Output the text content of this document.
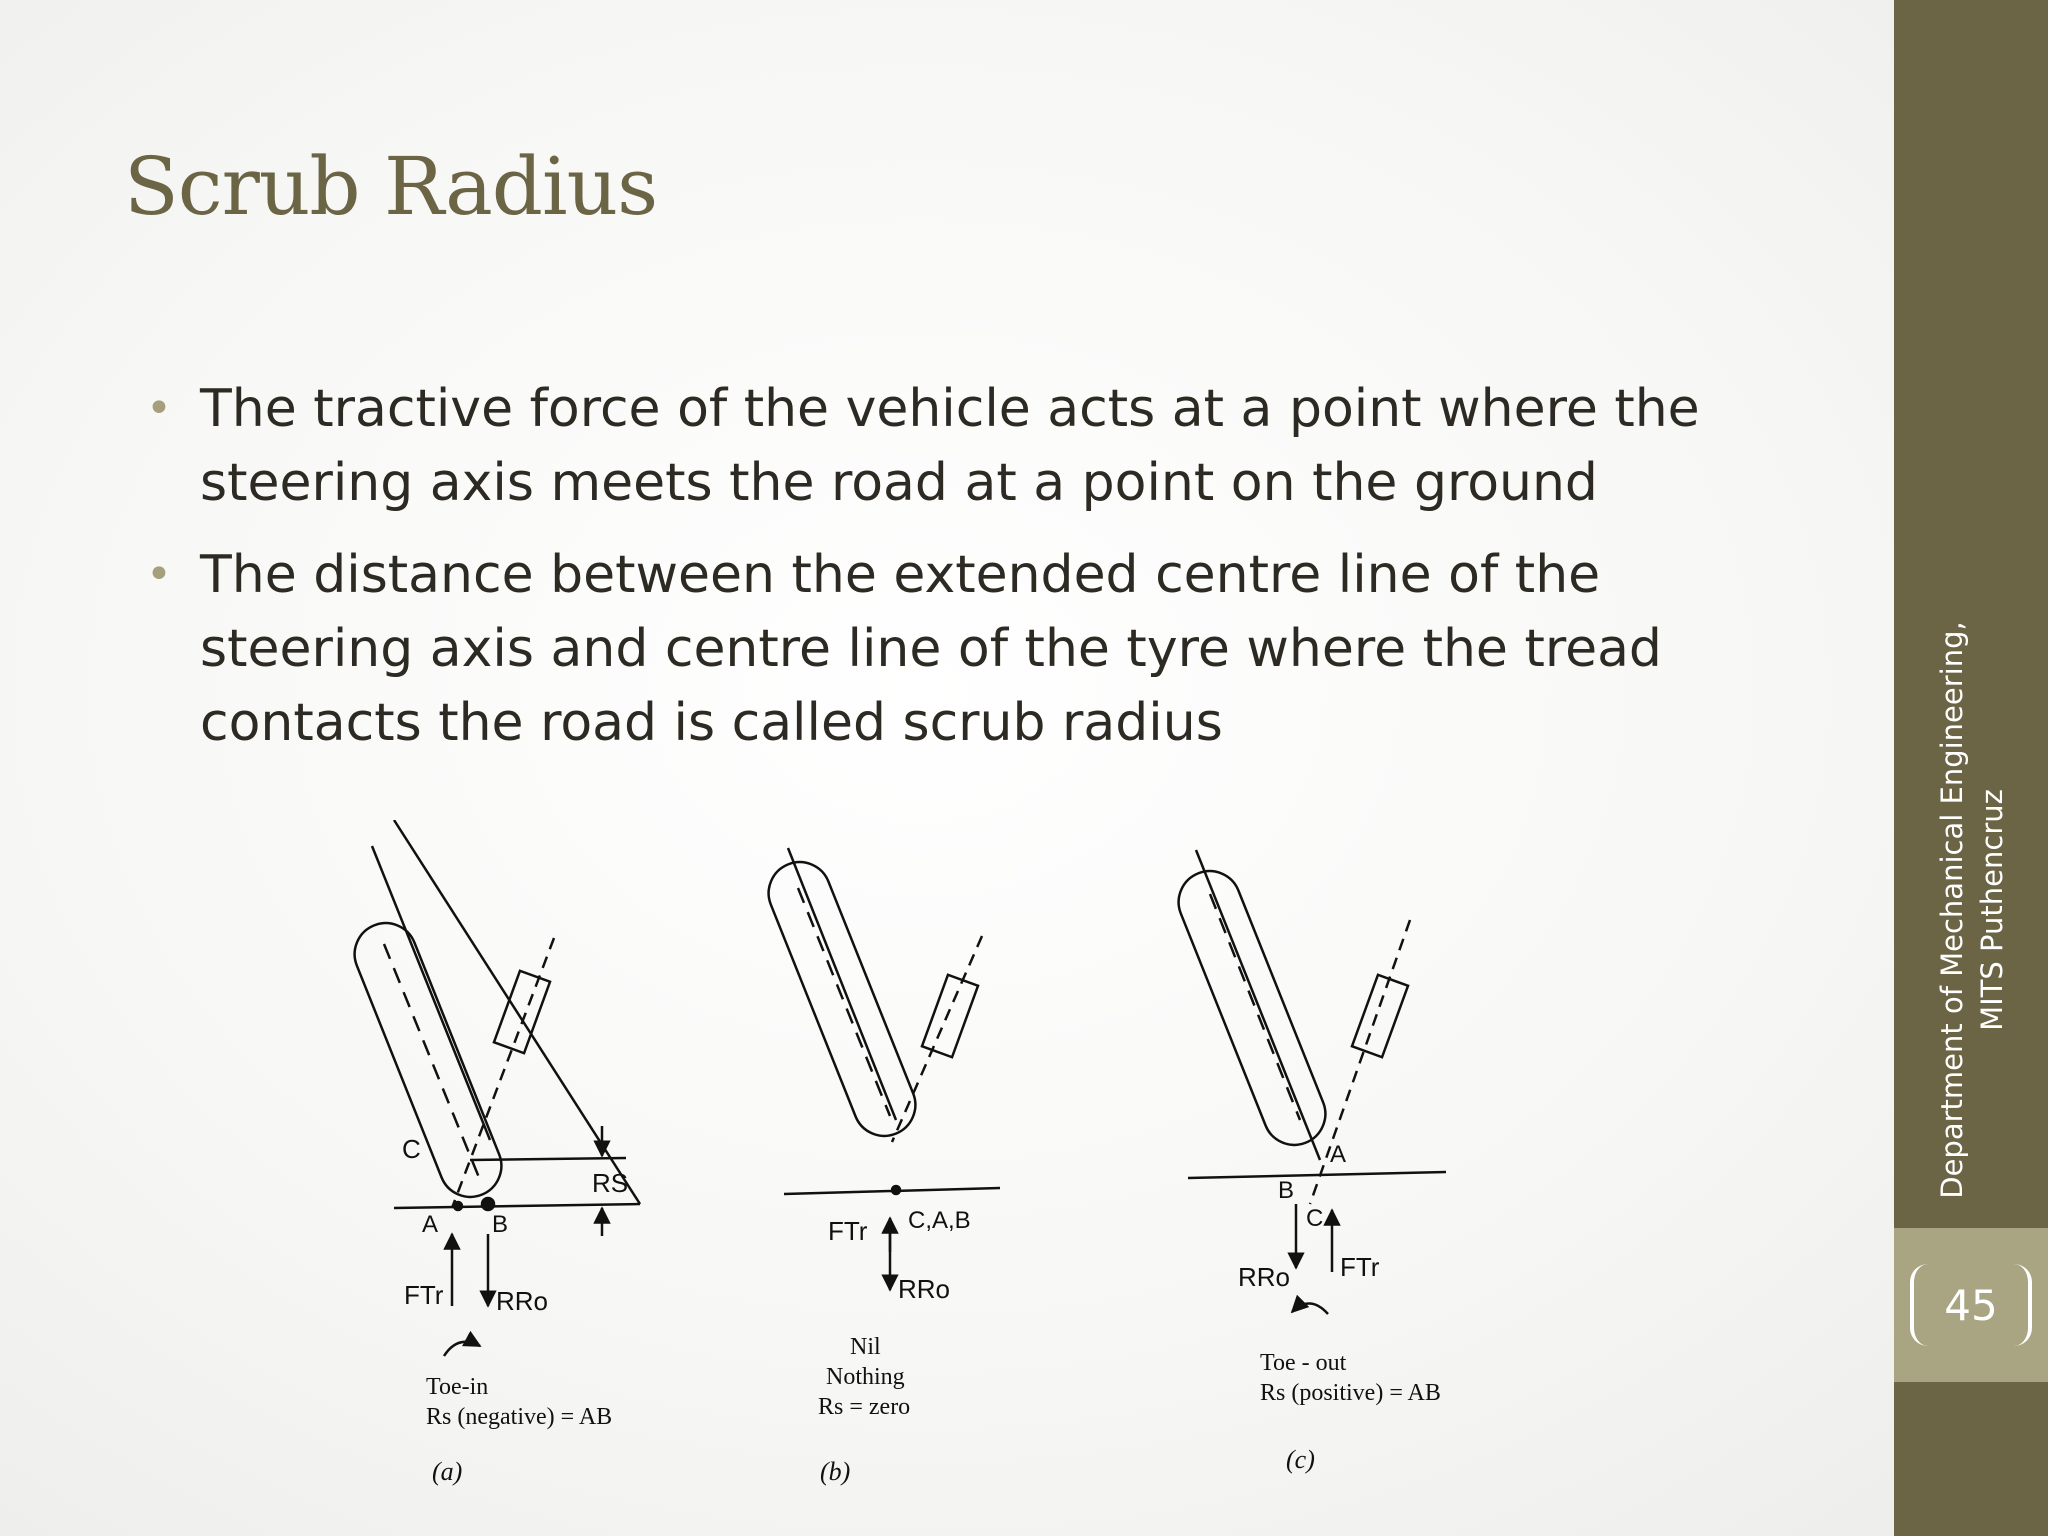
Scrub Radius
• The tractive force of the vehicle acts at a point where the steering axis meets the road at a point on the ground
• The distance between the extended centre line of the steering axis and centre line of the tyre where the tread contacts the road is called scrub radius
C
A B
RS
FTr RRo
Toe-in
Rs (negative) = AB
(a)
C,A,B
FTr
RRo
Nil
Nothing
Rs = zero
(b)
A
B
C
RRo FTr
Toe - out
Rs (positive) = AB
(c)
Department of Mechanical Engineering, MITS Puthencruz
45
